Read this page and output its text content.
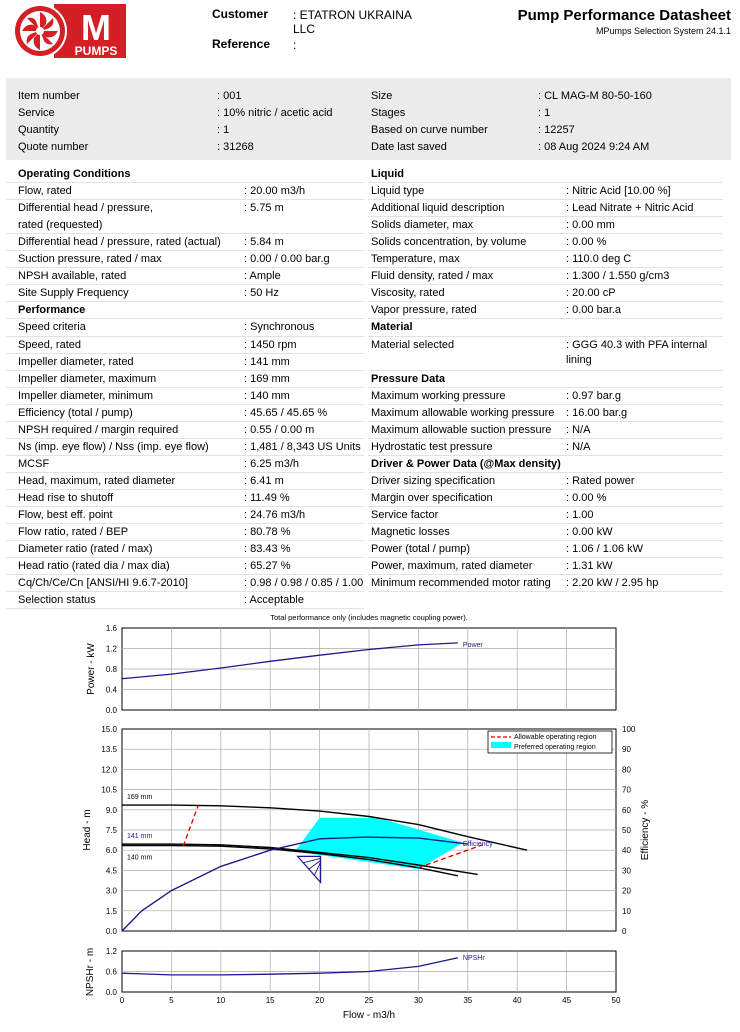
M
PUMPS
Customer : ETATRON UKRAINA
LLC
Reference :
Pump Performance Datasheet
MPumps Selection System 24.1.1
Item number	: 001	Size	: CL MAG-M 80-50-160
Service	: 10% nitric / acetic acid	Stages	: 1
Quantity	: 1	Based on curve number	: 12257
Quote number	: 31268	Date last saved	: 08 Aug 2024 9:24 AM
Operating Conditions
Flow, rated	: 20.00 m3/h
Differential head / pressure,
rated (requested)
: 5.75 m
Differential head / pressure, rated (actual) : 5.84 m
Suction pressure, rated / max	: 0.00 / 0.00 bar.g
NPSH available, rated	: Ample
Site Supply Frequency	: 50 Hz
Performance
Speed criteria	: Synchronous
Speed, rated	: 1450 rpm
Impeller diameter, rated	: 141 mm
Impeller diameter, maximum	: 169 mm
Impeller diameter, minimum	: 140 mm
Efficiency (total / pump)	: 45.65 / 45.65 %
NPSH required / margin required	: 0.55 / 0.00 m
Ns (imp. eye flow) / Nss (imp. eye flow)	: 1,481 / 8,343 US Units
MCSF	: 6.25 m3/h
Head, maximum, rated diameter	: 6.41 m
Head rise to shutoff	: 11.49 %
Flow, best eff. point	: 24.76 m3/h
Flow ratio, rated / BEP	: 80.78 %
Diameter ratio (rated / max)	: 83.43 %
Head ratio (rated dia / max dia)	: 65.27 %
Cq/Ch/Ce/Cn [ANSI/HI 9.6.7-2010]	: 0.98 / 0.98 / 0.85 / 1.00
Selection status	: Acceptable
Liquid
Liquid type	: Nitric Acid [10.00 %]
Additional liquid description	: Lead Nitrate + Nitric Acid
Solids diameter, max	: 0.00 mm
Solids concentration, by volume	: 0.00 %
Temperature, max	: 110.0 deg C
Fluid density, rated / max	: 1.300 / 1.550 g/cm3
Viscosity, rated	: 20.00 cP
Vapor pressure, rated	: 0.00 bar.a
Material
Material selected	: GGG 40.3 with PFA internal
lining
Pressure Data
Maximum working pressure	: 0.97 bar.g
Maximum allowable working pressure : 16.00 bar.g
Maximum allowable suction pressure : N/A
Hydrostatic test pressure	: N/A
Driver & Power Data (@Max density)
Driver sizing specification	: Rated power
Margin over specification	: 0.00 %
Service factor	: 1.00
Magnetic losses	: 0.00 kW
Power (total / pump)	: 1.06 / 1.06 kW
Power, maximum, rated diameter	: 1.31 kW
Minimum recommended motor rating : 2.20 kW / 2.95 hp
Total performance only (includes magnetic coupling power).
0.0
0.4
0.8
1.2
1.6
Power - kW	Power
0.0
1.5
3.0
4.5
6.0
7.5
9.0
10.5
12.0
13.5
15.0
0
10
20
30
40
50
60
70
80
90
100
Head - m	Efficiency - %
169 mm
141 mm
140 mm
Efficiency
Allowable operating region
Preferred operating region
0.0
0.6
1.2
NPSHr - m	NPSHr
0	5	10	15	20	25	30	35	40	45	50
Flow - m3/h
